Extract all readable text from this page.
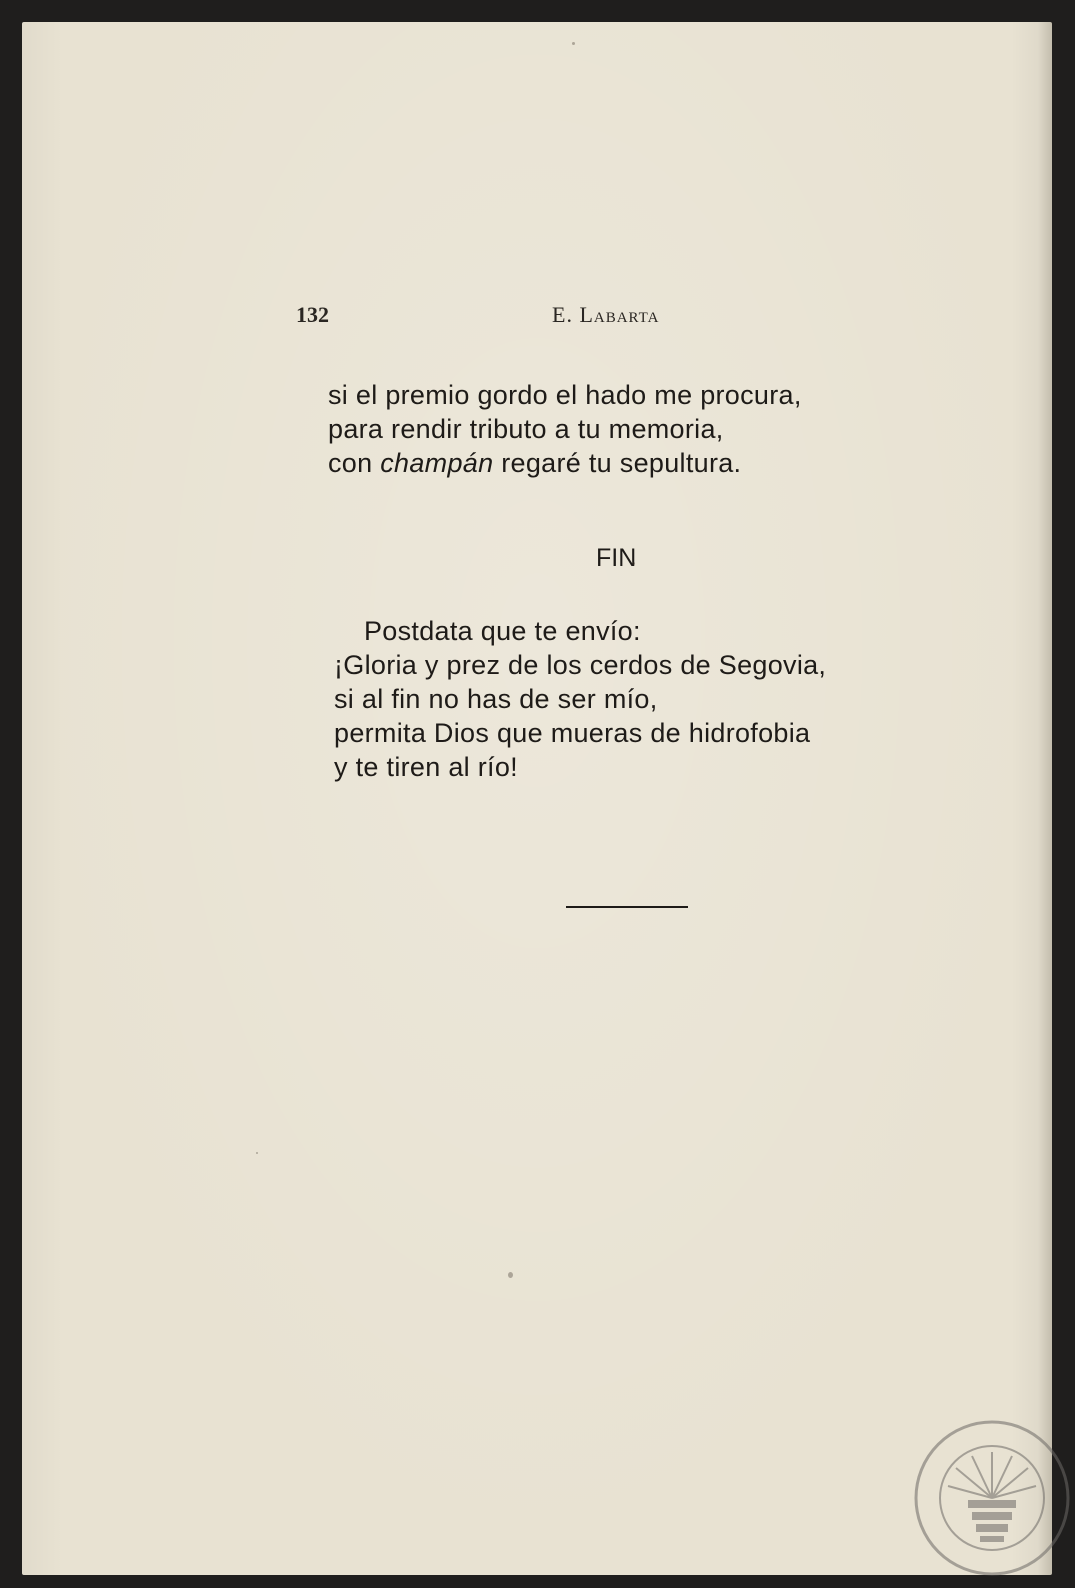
132	E. Labarta
si el premio gordo el hado me procura,
para rendir tributo a tu memoria,
con champán regaré tu sepultura.
FIN
Postdata que te envío:
¡Gloria y prez de los cerdos de Segovia,
si al fin no has de ser mío,
permita Dios que mueras de hidrofobia
y te tiren al río!
